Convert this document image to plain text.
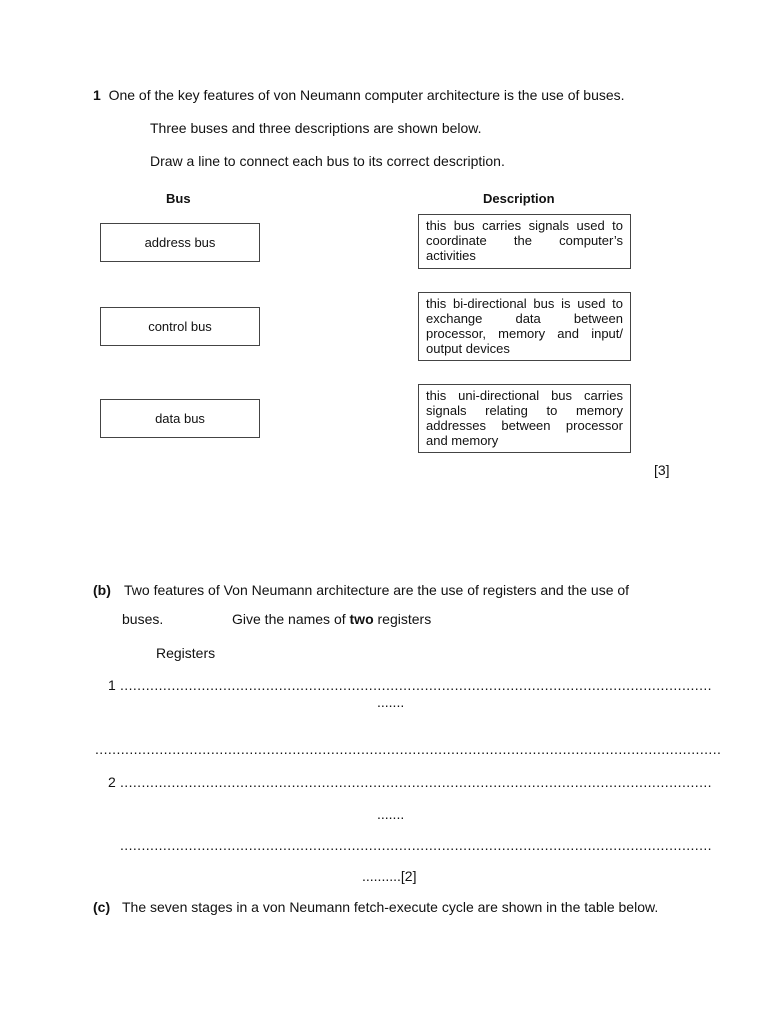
1 One of the key features of von Neumann computer architecture is the use of buses.
Three buses and three descriptions are shown below.
Draw a line to connect each bus to its correct description.
Bus	Description
address bus
control bus
data bus
this bus carries signals used to coordinate the computer’s activities
this bi-directional bus is used to exchange data between processor, memory and input/ output devices
this uni-directional bus carries signals relating to memory addresses between processor and memory
[3]
(b) Two features of Von Neumann architecture are the use of registers and the use of
buses.	Give the names of two registers
Registers
1 ..........................................................................................................................................
.......
..................................................................................................................................................
2 ..........................................................................................................................................
.......
..........................................................................................................................................
..........[2]
(c) The seven stages in a von Neumann fetch-execute cycle are shown in the table below.
